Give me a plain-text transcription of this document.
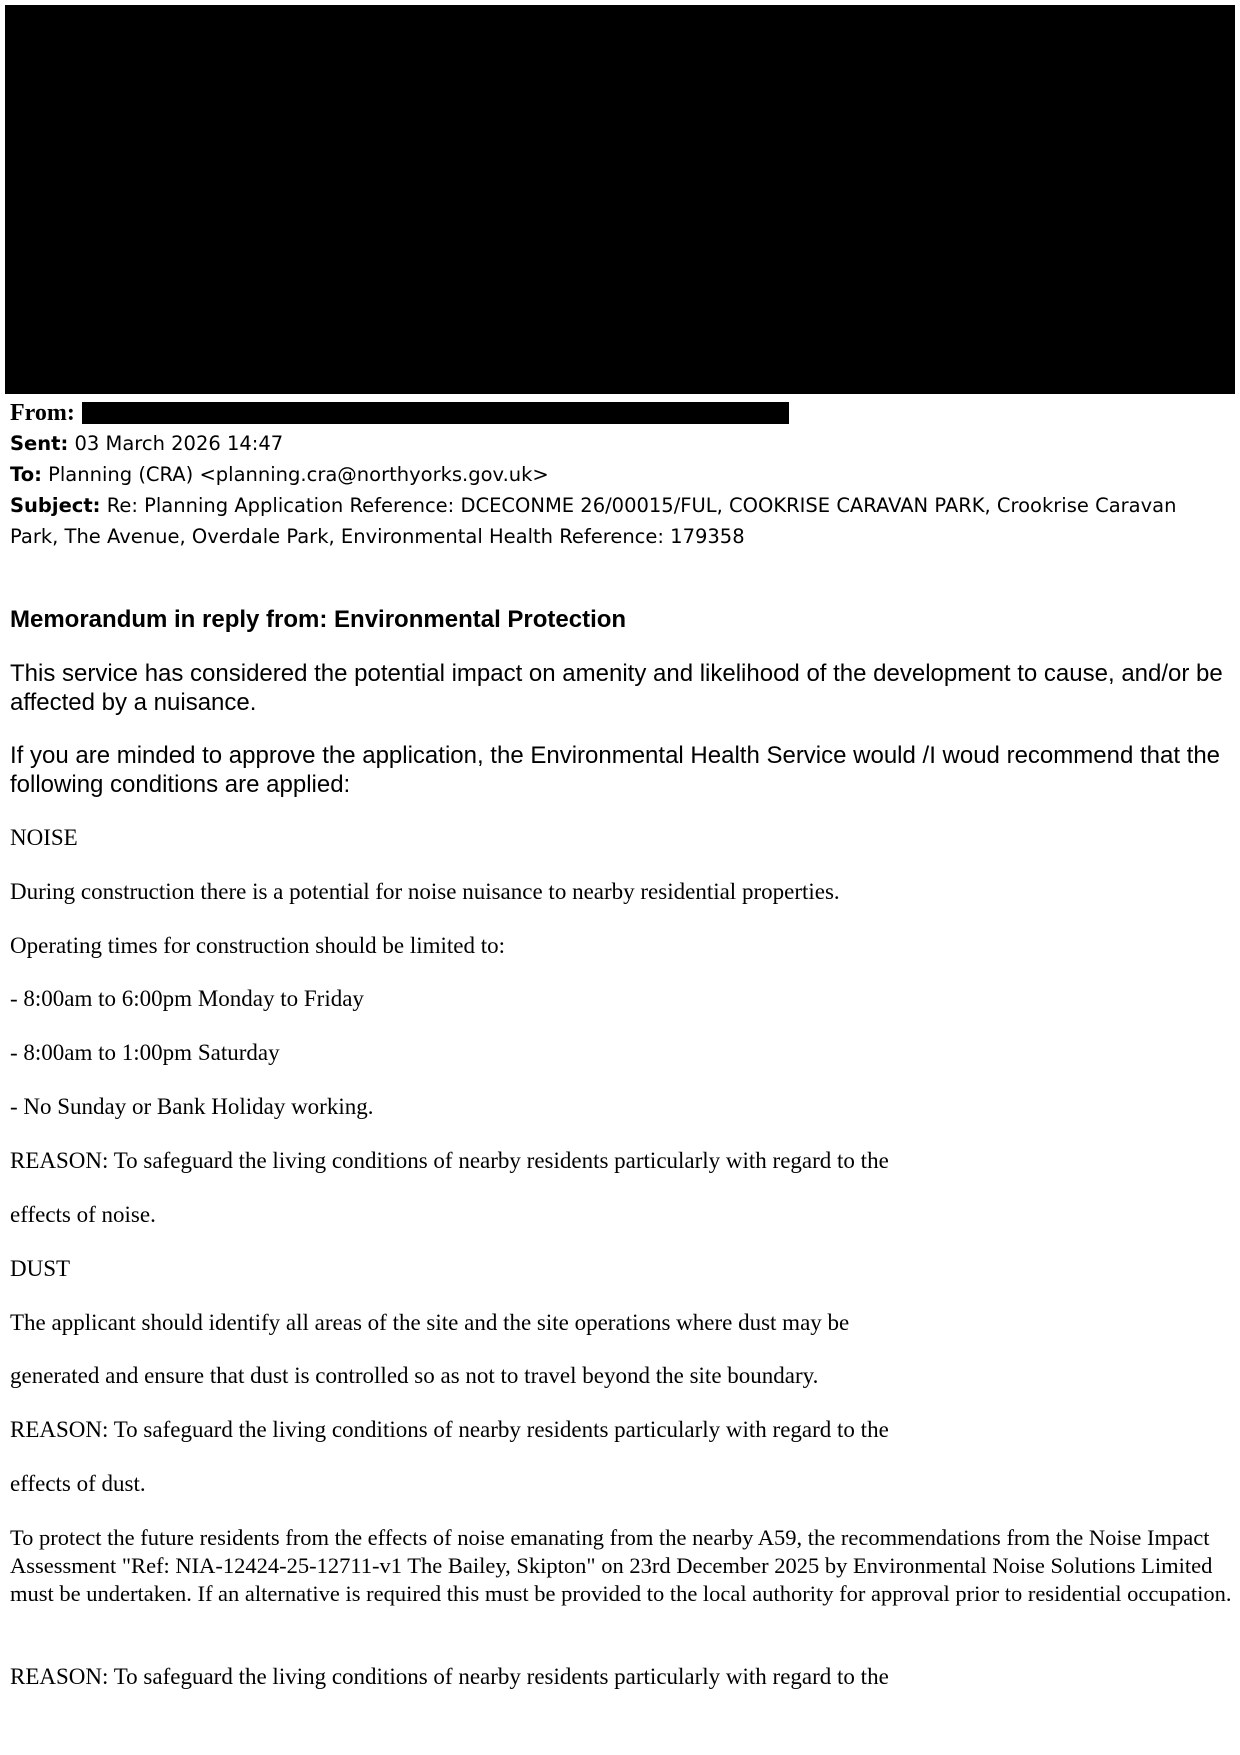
From:
Sent: 03 March 2026 14:47
To: Planning (CRA) <planning.cra@northyorks.gov.uk>
Subject: Re: Planning Application Reference: DCECONME 26/00015/FUL, COOKRISE CARAVAN PARK, Crookrise Caravan
Park, The Avenue, Overdale Park, Environmental Health Reference: 179358
Memorandum in reply from: Environmental Protection
This service has considered the potential impact on amenity and likelihood of the development to cause, and/or be affected by a nuisance.
If you are minded to approve the application, the Environmental Health Service would /I woud recommend that the following conditions are applied:
NOISE
During construction there is a potential for noise nuisance to nearby residential properties.
Operating times for construction should be limited to:
- 8:00am to 6:00pm Monday to Friday
- 8:00am to 1:00pm Saturday
- No Sunday or Bank Holiday working.
REASON: To safeguard the living conditions of nearby residents particularly with regard to the
effects of noise.
DUST
The applicant should identify all areas of the site and the site operations where dust may be
generated and ensure that dust is controlled so as not to travel beyond the site boundary.
REASON: To safeguard the living conditions of nearby residents particularly with regard to the
effects of dust.
To protect the future residents from the effects of noise emanating from the nearby A59, the recommendations from the Noise Impact Assessment "Ref: NIA-12424-25-12711-v1 The Bailey, Skipton" on 23rd December 2025 by Environmental Noise Solutions Limited must be undertaken. If an alternative is required this must be provided to the local authority for approval prior to residential occupation.
REASON: To safeguard the living conditions of nearby residents particularly with regard to the
